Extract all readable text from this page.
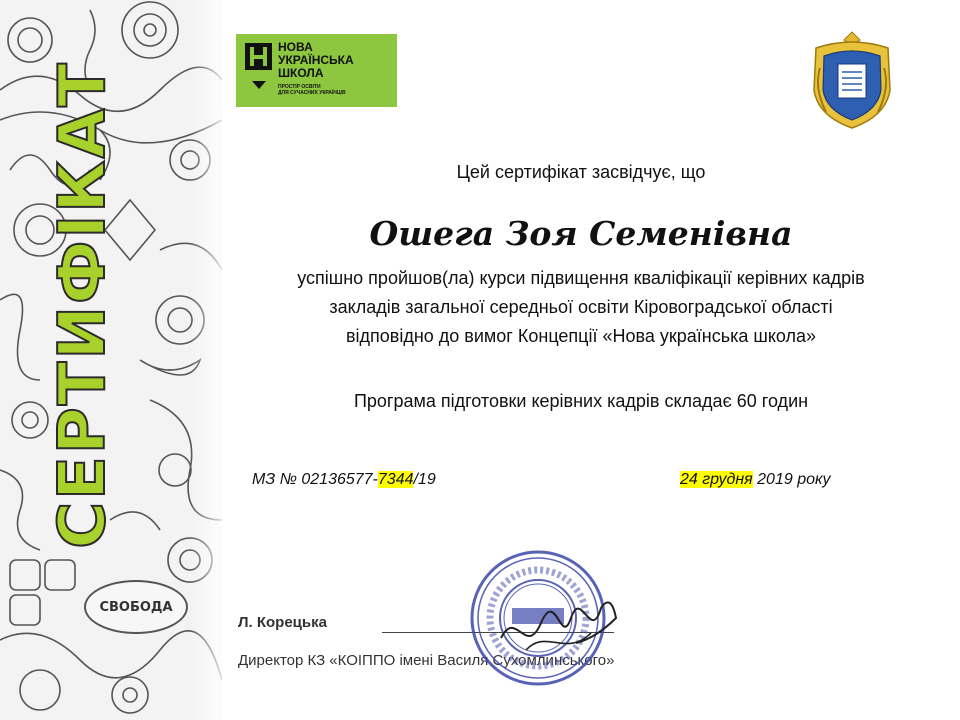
СЕРТИФІКАТ
СВОБОДА
НОВА
УКРАЇНСЬКА
ШКОЛА
ПРОСТІР ОСВІТИ
ДЛЯ СУЧАСНИХ УКРАЇНЦІВ
Цей сертифікат засвідчує, що
Ошега Зоя Семенівна
успішно пройшов(ла) курси підвищення кваліфікації керівних кадрів
закладів загальної середньої освіти Кіровоградської області
відповідно до вимог Концепції «Нова українська школа»
Програма підготовки керівних кадрів складає 60 годин
МЗ № 02136577-7344/19	24 грудня 2019 року
Л. Корецька
Директор КЗ «КОІППО імені Василя Сухомлинського»
